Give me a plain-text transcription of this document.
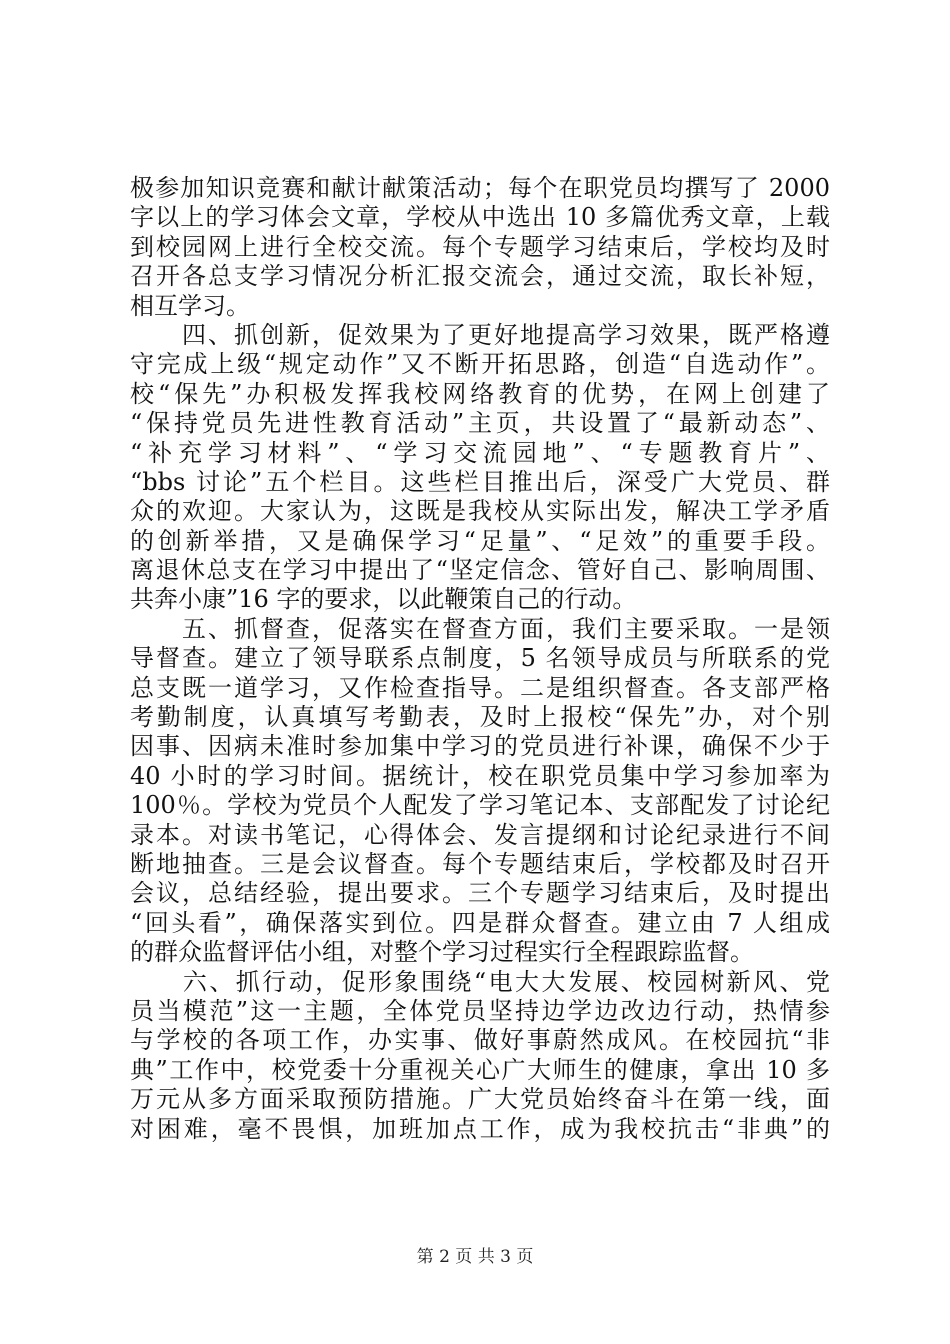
极参加知识竞赛和献计献策活动；每个在职党员均撰写了 2000
字以上的学习体会文章，学校从中选出 10 多篇优秀文章，上载
到校园网上进行全校交流。每个专题学习结束后，学校均及时
召开各总支学习情况分析汇报交流会，通过交流，取长补短，
相互学习。
　　四、抓创新，促效果为了更好地提高学习效果，既严格遵
守完成上级“规定动作”又不断开拓思路，创造“自选动作”。
校“保先”办积极发挥我校网络教育的优势，在网上创建了
“保持党员先进性教育活动”主页，共设置了“最新动态”、
“补充学习材料”、“学习交流园地”、“专题教育片”、
“bbs 讨论”五个栏目。这些栏目推出后，深受广大党员、群
众的欢迎。大家认为，这既是我校从实际出发，解决工学矛盾
的创新举措，又是确保学习“足量”、“足效”的重要手段。
离退休总支在学习中提出了“坚定信念、管好自己、影响周围、
共奔小康”16 字的要求，以此鞭策自己的行动。
　　五、抓督查，促落实在督查方面，我们主要采取。一是领
导督查。建立了领导联系点制度，5 名领导成员与所联系的党
总支既一道学习，又作检查指导。二是组织督查。各支部严格
考勤制度，认真填写考勤表，及时上报校“保先”办，对个别
因事、因病未准时参加集中学习的党员进行补课，确保不少于
40 小时的学习时间。据统计，校在职党员集中学习参加率为
100％。学校为党员个人配发了学习笔记本、支部配发了讨论纪
录本。对读书笔记，心得体会、发言提纲和讨论纪录进行不间
断地抽查。三是会议督查。每个专题结束后，学校都及时召开
会议，总结经验，提出要求。三个专题学习结束后，及时提出
“回头看”，确保落实到位。四是群众督查。建立由 7 人组成
的群众监督评估小组，对整个学习过程实行全程跟踪监督。
　　六、抓行动，促形象围绕“电大大发展、校园树新风、党
员当模范”这一主题，全体党员坚持边学边改边行动，热情参
与学校的各项工作，办实事、做好事蔚然成风。在校园抗“非
典”工作中，校党委十分重视关心广大师生的健康，拿出 10 多
万元从多方面采取预防措施。广大党员始终奋斗在第一线，面
对困难，毫不畏惧，加班加点工作，成为我校抗击“非典”的
第 2 页 共 3 页
